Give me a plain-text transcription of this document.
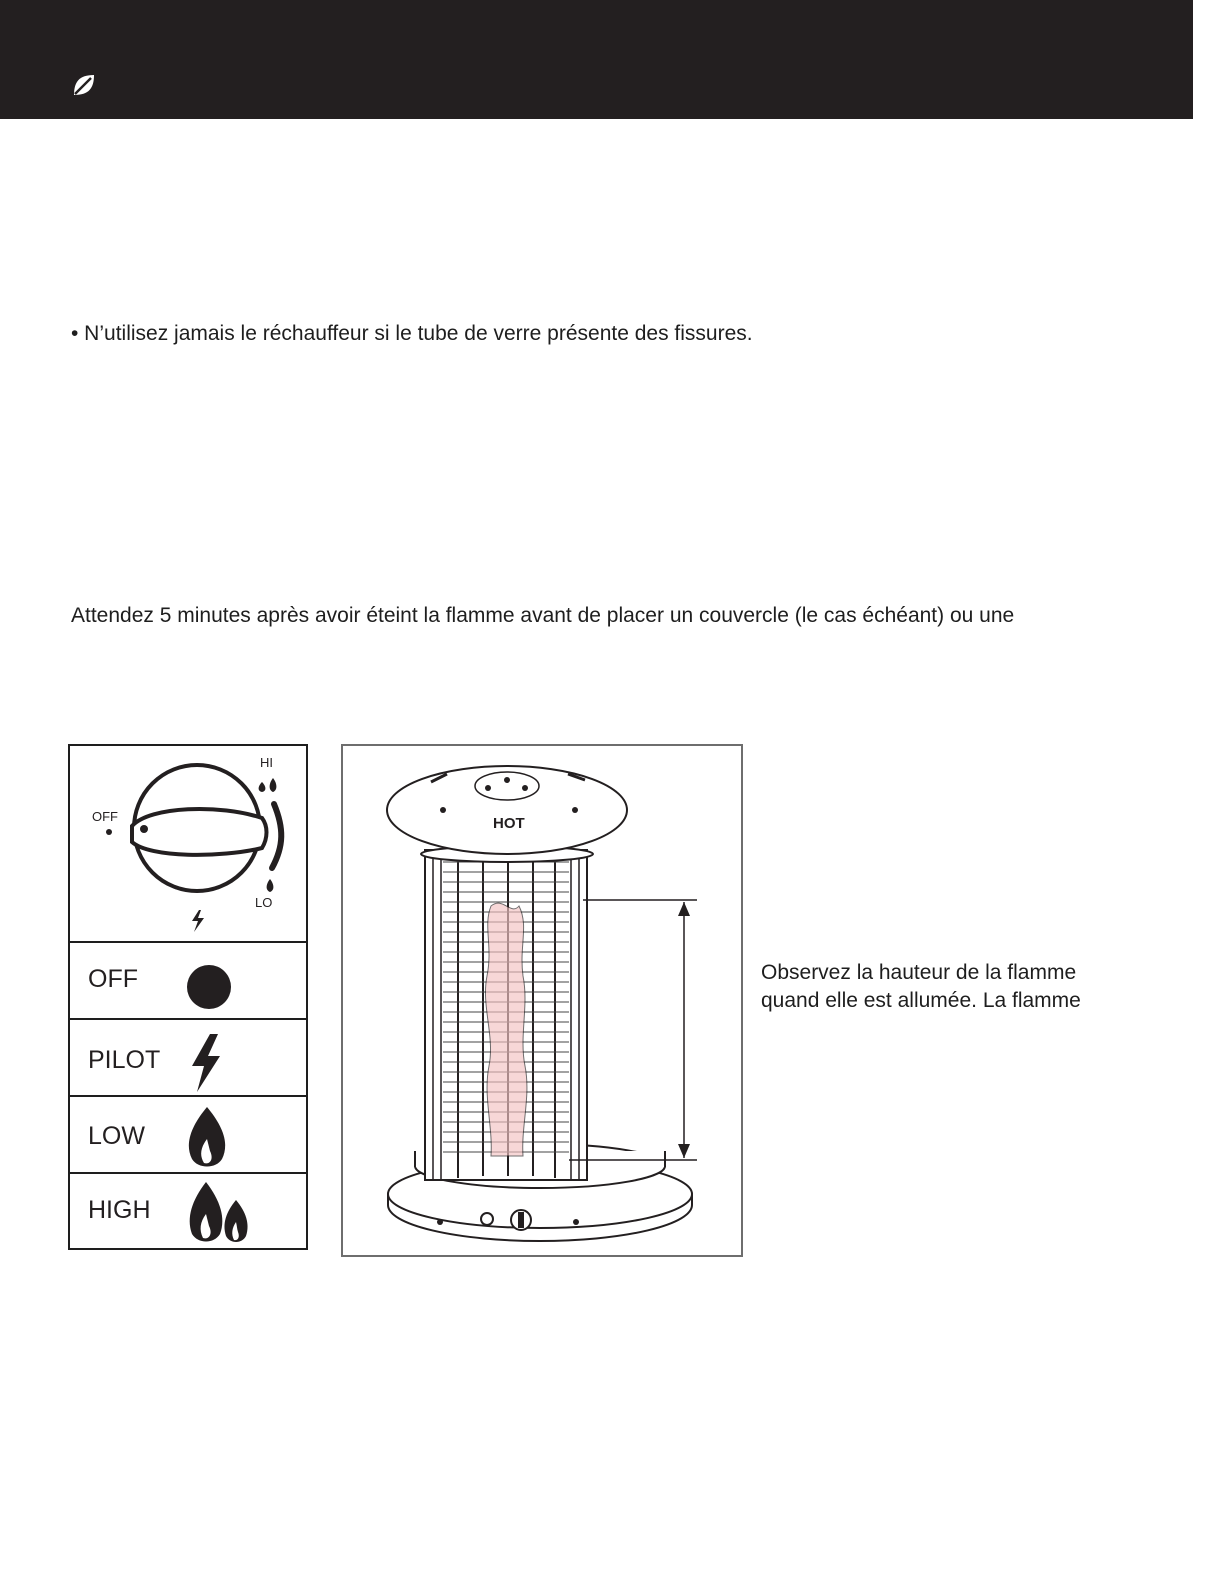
• N’utilisez jamais le réchauffeur si le tube de verre présente des fissures.
Attendez 5 minutes après avoir éteint la flamme avant de placer un couvercle (le cas échéant) ou une
Observez la hauteur de la flamme
quand elle est allumée. La flamme
OFF
HI
LO
OFF
PILOT
LOW
HIGH
HOT
